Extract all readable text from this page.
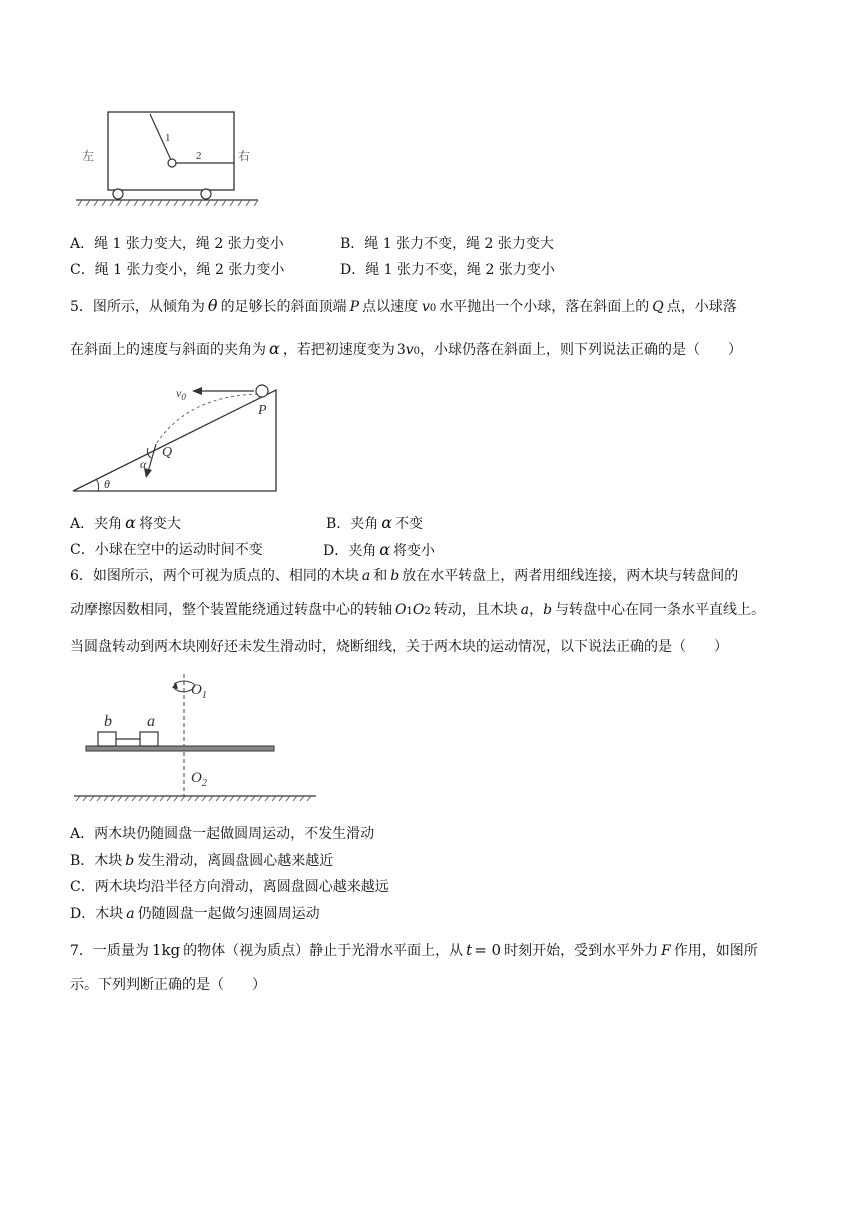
左	右
1
2
A．绳 1 张力变大，绳 2 张力变小	B．绳 1 张力不变，绳 2 张力变大
C．绳 1 张力变小，绳 2 张力变小	D．绳 1 张力不变，绳 2 张力变小
5．图所示，从倾角为 θ 的足够长的斜面顶端 P 点以速度 v 0 水平抛出一个小球，落在斜面上的 Q 点，小球落
在斜面上的速度与斜面的夹角为 α ，若把初速度变为 3 v 0 ，小球仍落在斜面上，则下列说法正确的是（　　）
$v_0$
P
Q
α
θ
A．夹角 α 将变大	B．夹角 α 不变
C．小球在空中的运动时间不变	D．夹角 α 将变小
6．如图所示，两个可视为质点的、相同的木块 a 和 b 放在水平转盘上，两者用细线连接，两木块与转盘间的
动摩擦因数相同，整个装置能绕通过转盘中心的转轴 O 1 O 2 转动，且木块 a ， b 与转盘中心在同一条水平直线上。
当圆盘转动到两木块刚好还未发生滑动时，烧断细线，关于两木块的运动情况，以下说法正确的是（　　）
b a
$O_1$
$O_2$
A．两木块仍随圆盘一起做圆周运动，不发生滑动
B．木块 b 发生滑动，离圆盘圆心越来越近
C．两木块均沿半径方向滑动，离圆盘圆心越来越远
D．木块 a 仍随圆盘一起做匀速圆周运动
7．一质量为 1kg 的物体（视为质点）静止于光滑水平面上，从 t = 0 时刻开始，受到水平外力 F 作用，如图所
示。下列判断正确的是（　　）
